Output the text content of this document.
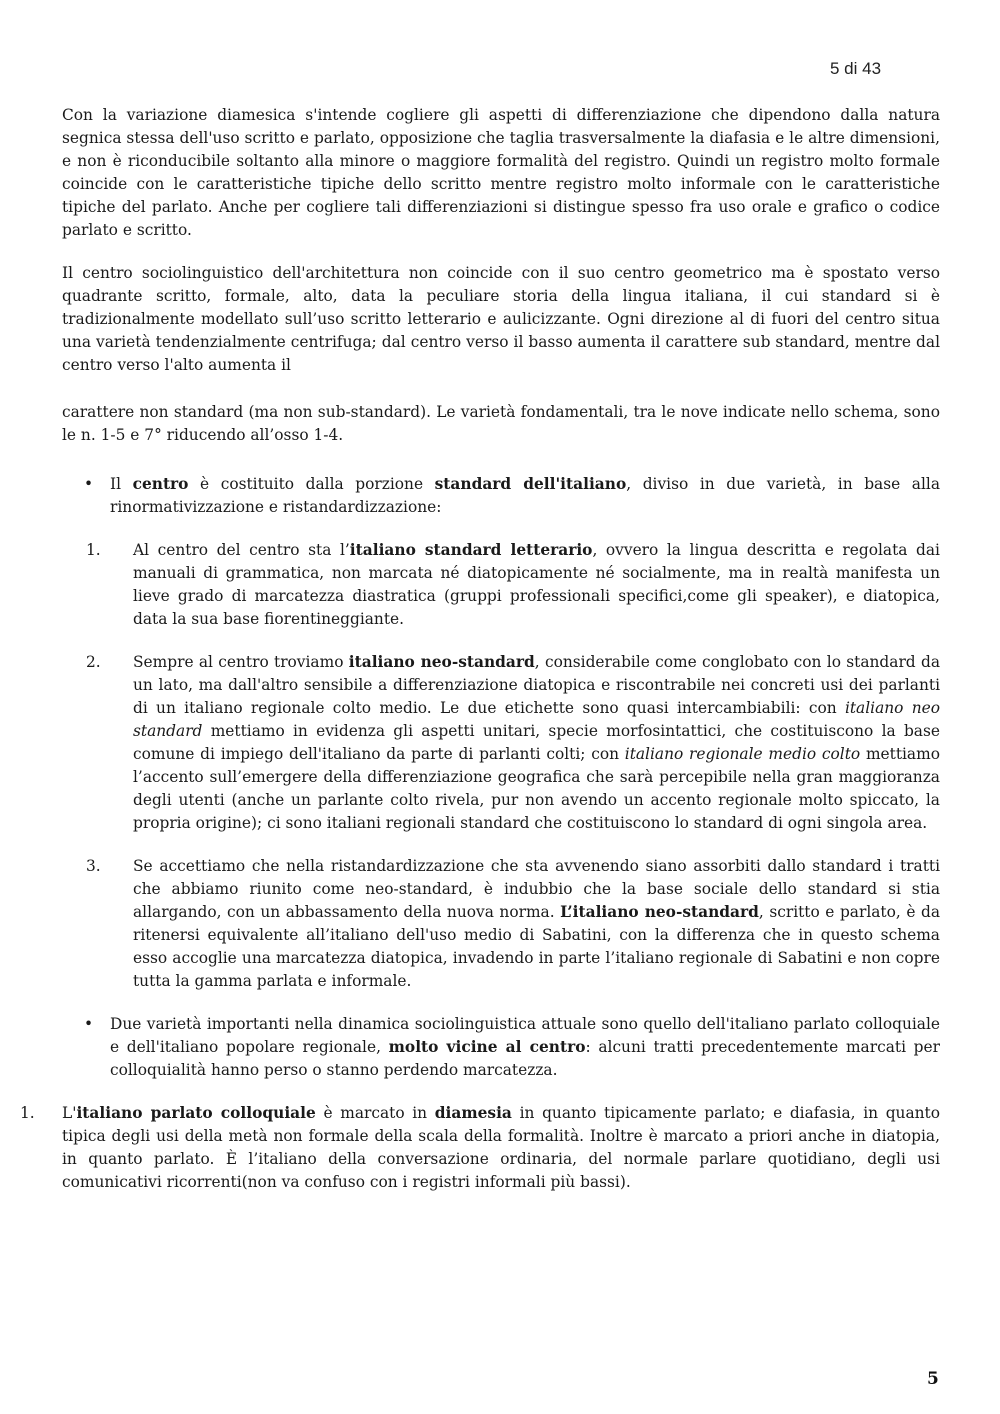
5 di 43

Con la variazione diamesica s'intende cogliere gli aspetti di differenziazione che dipendono dalla natura segnica stessa dell'uso scritto e parlato, opposizione che taglia trasversalmente la diafasia e le altre dimensioni, e non è riconducibile soltanto alla minore o maggiore formalità del registro. Quindi un registro molto formale coincide con le caratteristiche tipiche dello scritto mentre registro molto informale con le caratteristiche tipiche del parlato. Anche per cogliere tali differenziazioni si distingue spesso fra uso orale e grafico o codice parlato e scritto.

Il centro sociolinguistico dell'architettura non coincide con il suo centro geometrico ma è spostato verso quadrante scritto, formale, alto, data la peculiare storia della lingua italiana, il cui standard si è tradizionalmente modellato sull’uso scritto letterario e aulicizzante. Ogni direzione al di fuori del centro situa una varietà tendenzialmente centrifuga; dal centro verso il basso aumenta il carattere sub standard, mentre dal centro verso l'alto aumenta il

carattere non standard (ma non sub-standard). Le varietà fondamentali, tra le nove indicate nello schema, sono le n. 1-5 e 7° riducendo all’osso 1-4.

• Il centro è costituito dalla porzione standard dell'italiano, diviso in due varietà, in base alla rinormativizzazione e ristandardizzazione:

1. Al centro del centro sta l’italiano standard letterario, ovvero la lingua descritta e regolata dai manuali di grammatica, non marcata né diatopicamente né socialmente, ma in realtà manifesta un lieve grado di marcatezza diastratica (gruppi professionali specifici,come gli speaker), e diatopica, data la sua base fiorentineggiante.

2. Sempre al centro troviamo italiano neo-standard, considerabile come conglobato con lo standard da un lato, ma dall'altro sensibile a differenziazione diatopica e riscontrabile nei concreti usi dei parlanti di un italiano regionale colto medio. Le due etichette sono quasi intercambiabili: con italiano neo standard mettiamo in evidenza gli aspetti unitari, specie morfosintattici, che costituiscono la base comune di impiego dell'italiano da parte di parlanti colti; con italiano regionale medio colto mettiamo l’accento sull’emergere della differenziazione geografica che sarà percepibile nella gran maggioranza degli utenti (anche un parlante colto rivela, pur non avendo un accento regionale molto spiccato, la propria origine); ci sono italiani regionali standard che costituiscono lo standard di ogni singola area.

3. Se accettiamo che nella ristandardizzazione che sta avvenendo siano assorbiti dallo standard i tratti che abbiamo riunito come neo-standard, è indubbio che la base sociale dello standard si stia allargando, con un abbassamento della nuova norma. L’italiano neo-standard, scritto e parlato, è da ritenersi equivalente all’italiano dell'uso medio di Sabatini, con la differenza che in questo schema esso accoglie una marcatezza diatopica, invadendo in parte l’italiano regionale di Sabatini e non copre tutta la gamma parlata e informale.

• Due varietà importanti nella dinamica sociolinguistica attuale sono quello dell'italiano parlato colloquiale e dell'italiano popolare regionale, molto vicine al centro: alcuni tratti precedentemente marcati per colloquialità hanno perso o stanno perdendo marcatezza.

1. L'italiano parlato colloquiale è marcato in diamesia in quanto tipicamente parlato; e diafasia, in quanto tipica degli usi della metà non formale della scala della formalità. Inoltre è marcato a priori anche in diatopia, in quanto parlato. È l’italiano della conversazione ordinaria, del normale parlare quotidiano, degli usi comunicativi ricorrenti(non va confuso con i registri informali più bassi).

5
